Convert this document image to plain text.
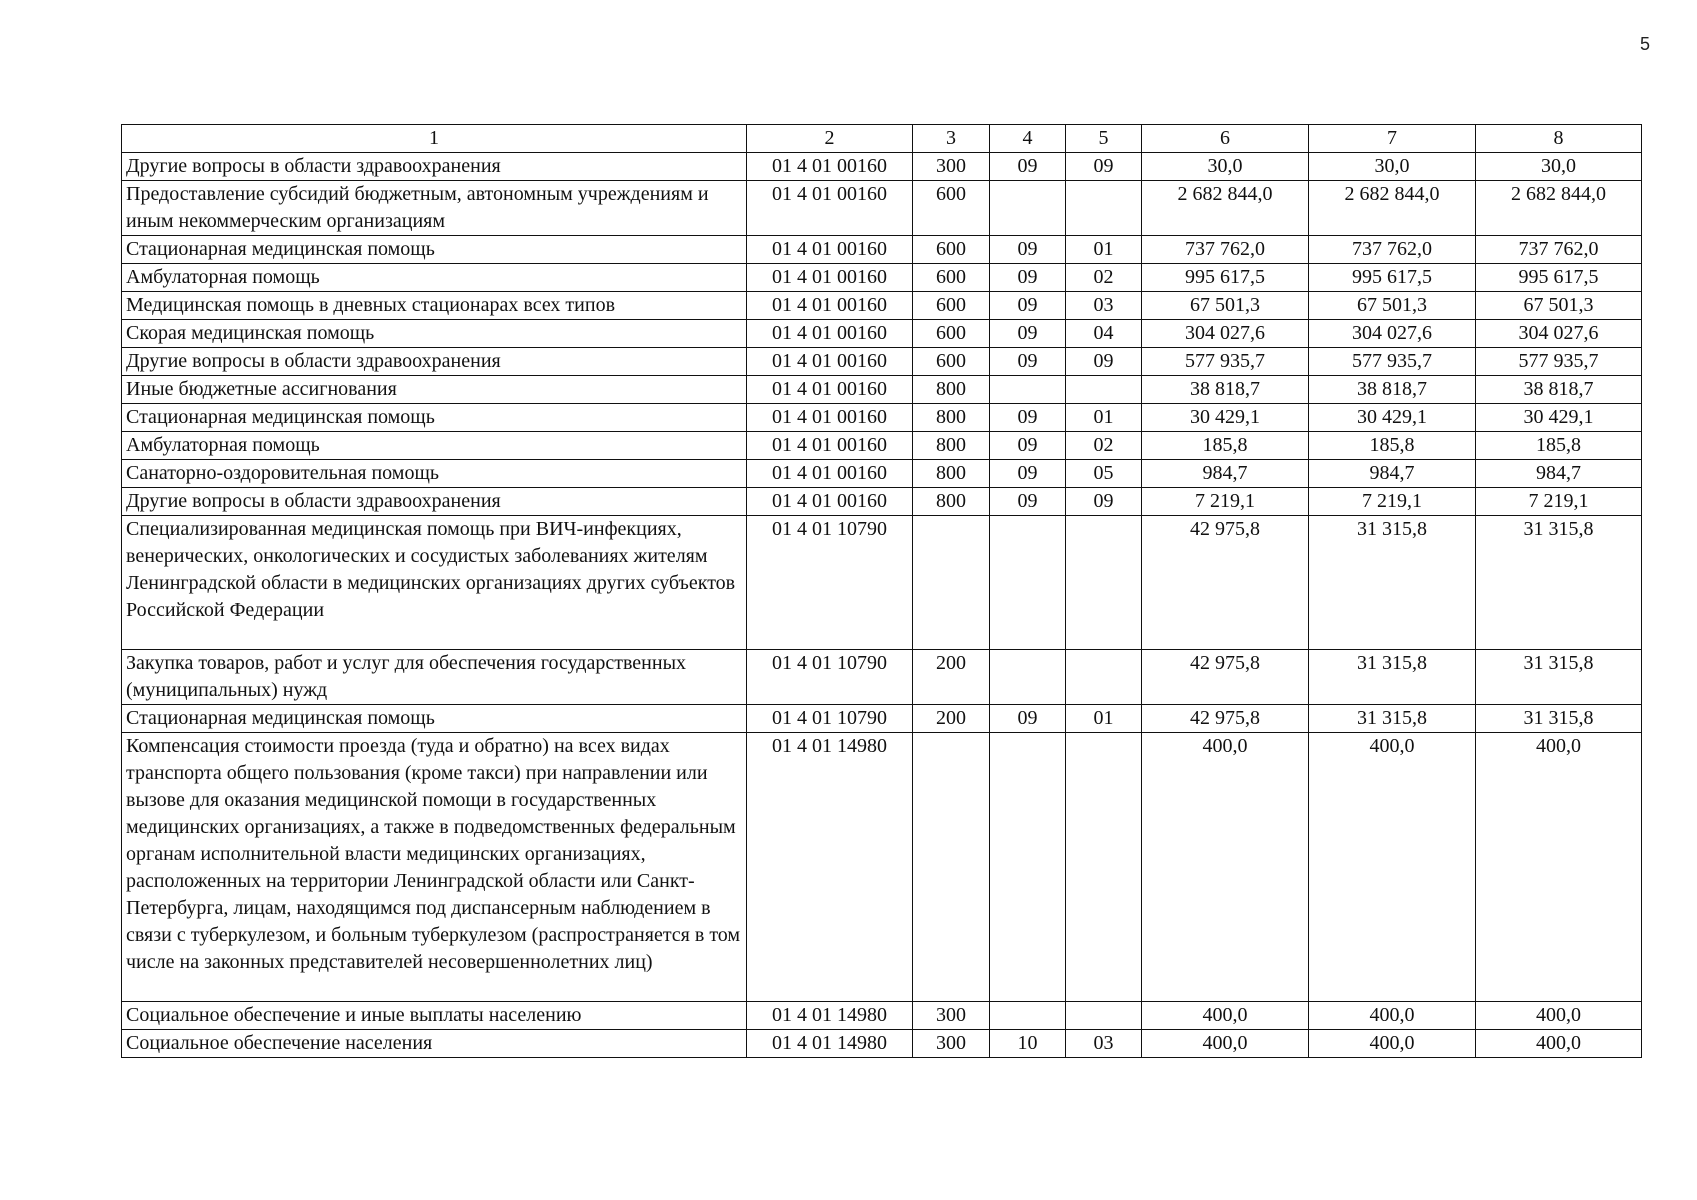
5
1	2	3	4	5	6	7	8
Другие вопросы в области здравоохранения	01 4 01 00160	300	09	09	30,0	30,0	30,0
Предоставление субсидий бюджетным, автономным учреждениям и иным некоммерческим организациям	01 4 01 00160	600			2 682 844,0	2 682 844,0	2 682 844,0
Стационарная медицинская помощь	01 4 01 00160	600	09	01	737 762,0	737 762,0	737 762,0
Амбулаторная помощь	01 4 01 00160	600	09	02	995 617,5	995 617,5	995 617,5
Медицинская помощь в дневных стационарах всех типов	01 4 01 00160	600	09	03	67 501,3	67 501,3	67 501,3
Скорая медицинская помощь	01 4 01 00160	600	09	04	304 027,6	304 027,6	304 027,6
Другие вопросы в области здравоохранения	01 4 01 00160	600	09	09	577 935,7	577 935,7	577 935,7
Иные бюджетные ассигнования	01 4 01 00160	800			38 818,7	38 818,7	38 818,7
Стационарная медицинская помощь	01 4 01 00160	800	09	01	30 429,1	30 429,1	30 429,1
Амбулаторная помощь	01 4 01 00160	800	09	02	185,8	185,8	185,8
Санаторно-оздоровительная помощь	01 4 01 00160	800	09	05	984,7	984,7	984,7
Другие вопросы в области здравоохранения	01 4 01 00160	800	09	09	7 219,1	7 219,1	7 219,1
Специализированная медицинская помощь при ВИЧ-инфекциях, венерических, онкологических и сосудистых заболеваниях жителям Ленинградской области в медицинских организациях других субъектов Российской Федерации	01 4 01 10790				42 975,8	31 315,8	31 315,8
Закупка товаров, работ и услуг для обеспечения государственных (муниципальных) нужд	01 4 01 10790	200			42 975,8	31 315,8	31 315,8
Стационарная медицинская помощь	01 4 01 10790	200	09	01	42 975,8	31 315,8	31 315,8
Компенсация стоимости проезда (туда и обратно) на всех видах транспорта общего пользования (кроме такси) при направлении или вызове для оказания медицинской помощи в государственных медицинских организациях, а также в подведомственных федеральным органам исполнительной власти медицинских организациях, расположенных на территории Ленинградской области или Санкт-Петербурга, лицам, находящимся под диспансерным наблюдением в связи с туберкулезом, и больным туберкулезом (распространяется в том числе на законных представителей несовершеннолетних лиц)	01 4 01 14980				400,0	400,0	400,0
Социальное обеспечение и иные выплаты населению	01 4 01 14980	300			400,0	400,0	400,0
Социальное обеспечение населения	01 4 01 14980	300	10	03	400,0	400,0	400,0
